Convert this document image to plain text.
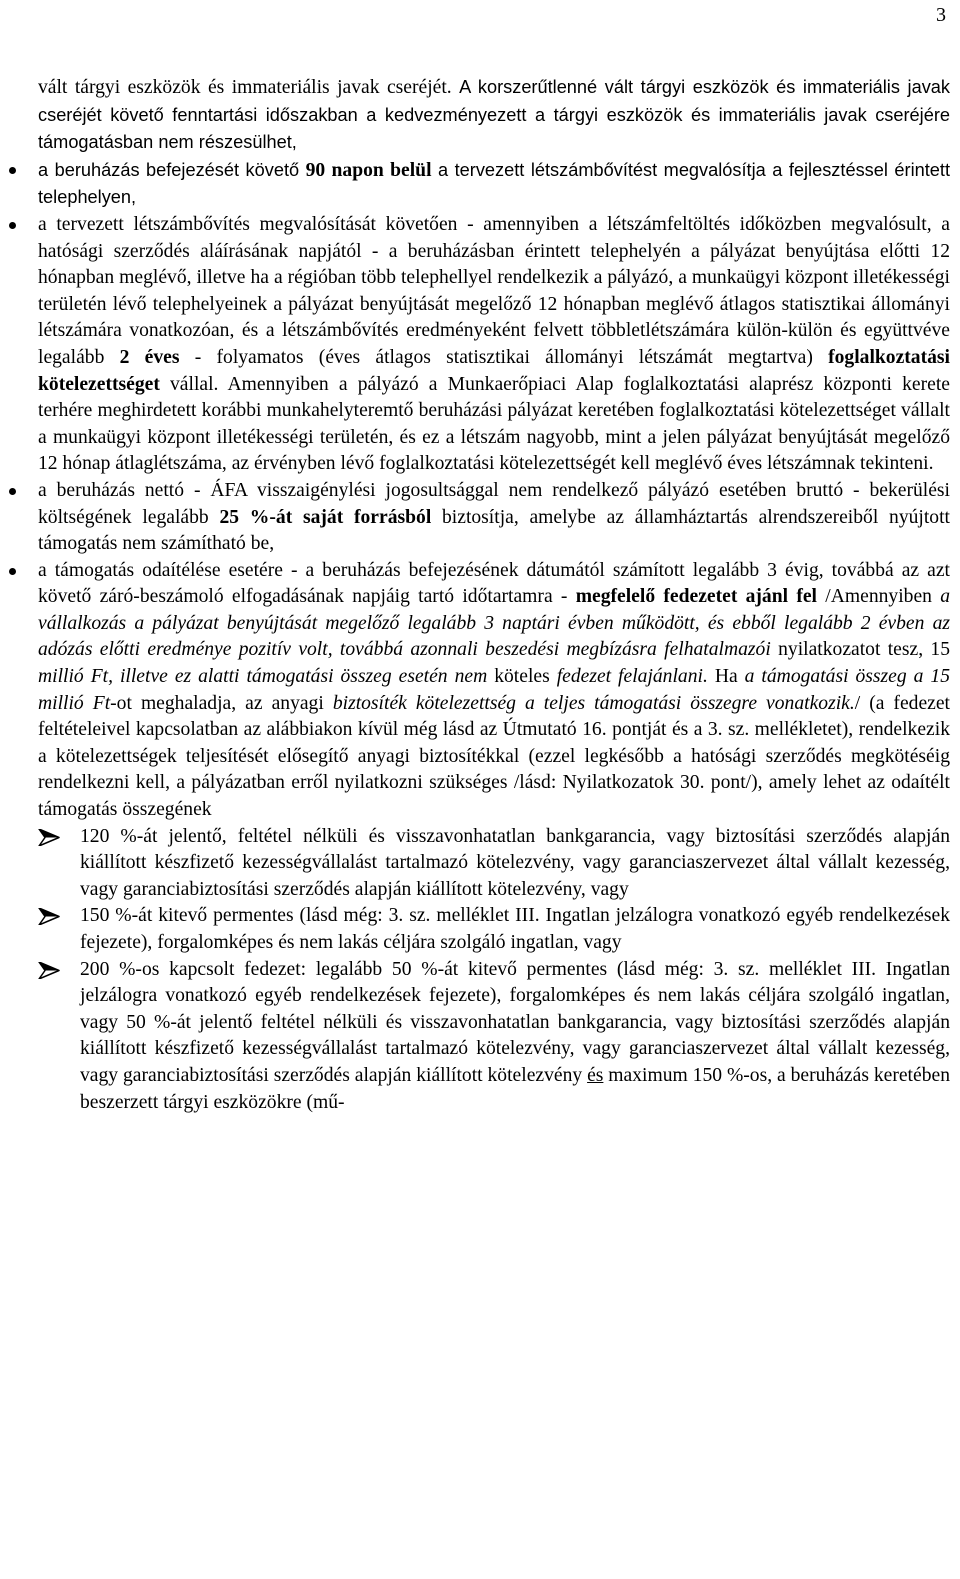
3

vált tárgyi eszközök és immateriális javak cseréjét. A korszerűtlenné vált tárgyi eszközök és immateriális javak cseréjét követő fenntartási időszakban a kedvezményezett a tárgyi eszközök és immateriális javak cseréjére támogatásban nem részesülhet,

a beruházás befejezését követő 90 napon belül a tervezett létszámbővítést megvalósítja a fejlesztéssel érintett telephelyen,
a tervezett létszámbővítés megvalósítását követően - amennyiben a létszámfeltöltés időközben megvalósult, a hatósági szerződés aláírásának napjától - a beruházásban érintett telephelyén a pályázat benyújtása előtti 12 hónapban meglévő, illetve ha a régióban több telephellyel rendelkezik a pályázó, a munkaügyi központ illetékességi területén lévő telephelyeinek a pályázat benyújtását megelőző 12 hónapban meglévő átlagos statisztikai állományi létszámára vonatkozóan, és a létszámbővítés eredményeként felvett többletlétszámára külön-külön és együttvéve legalább 2 éves - folyamatos (éves átlagos statisztikai állományi létszámát megtartva) foglalkoztatási kötelezettséget vállal. Amennyiben a pályázó a Munkaerőpiaci Alap foglalkoztatási alaprész központi kerete terhére meghirdetett korábbi munkahelyteremtő beruházási pályázat keretében foglalkoztatási kötelezettséget vállalt a munkaügyi központ illetékességi területén, és ez a létszám nagyobb, mint a jelen pályázat benyújtását megelőző 12 hónap átlaglétszáma, az érvényben lévő foglalkoztatási kötelezettségét kell meglévő éves létszámnak tekinteni.
a beruházás nettó - ÁFA visszaigénylési jogosultsággal nem rendelkező pályázó esetében bruttó - bekerülési költségének legalább 25 %-át saját forrásból biztosítja, amelybe az államháztartás alrendszereiből nyújtott támogatás nem számítható be,
a támogatás odaítélése esetére - a beruházás befejezésének dátumától számított legalább 3 évig, továbbá az azt követő záró-beszámoló elfogadásának napjáig tartó időtartamra - megfelelő fedezetet ajánl fel /Amennyiben a vállalkozás a pályázat benyújtását megelőző legalább 3 naptári évben működött, és ebből legalább 2 évben az adózás előtti eredménye pozitív volt, továbbá azonnali beszedési megbízásra felhatalmazói nyilatkozatot tesz, 15 millió Ft, illetve ez alatti támogatási összeg esetén nem köteles fedezet felajánlani. Ha a támogatási összeg a 15 millió Ft-ot meghaladja, az anyagi biztosíték kötelezettség a teljes támogatási összegre vonatkozik./ (a fedezet feltételeivel kapcsolatban az alábbiakon kívül még lásd az Útmutató 16. pontját és a 3. sz. mellékletet), rendelkezik a kötelezettségek teljesítését elősegítő anyagi biztosítékkal (ezzel legkésőbb a hatósági szerződés megkötéséig rendelkezni kell, a pályázatban erről nyilatkozni szükséges /lásd: Nyilatkozatok 30. pont/), amely lehet az odaítélt támogatás összegének
120 %-át jelentő, feltétel nélküli és visszavonhatatlan bankgarancia, vagy biztosítási szerződés alapján kiállított készfizető kezességvállalást tartalmazó kötelezvény, vagy garanciaszervezet által vállalt kezesség, vagy garanciabiztosítási szerződés alapján kiállított kötelezvény, vagy
150 %-át kitevő permentes (lásd még: 3. sz. melléklet III. Ingatlan jelzálogra vonatkozó egyéb rendelkezések fejezete), forgalomképes és nem lakás céljára szolgáló ingatlan, vagy
200 %-os kapcsolt fedezet: legalább 50 %-át kitevő permentes (lásd még: 3. sz. melléklet III. Ingatlan jelzálogra vonatkozó egyéb rendelkezések fejezete), forgalomképes és nem lakás céljára szolgáló ingatlan, vagy 50 %-át jelentő feltétel nélküli és visszavonhatatlan bankgarancia, vagy biztosítási szerződés alapján kiállított készfizető kezességvállalást tartalmazó kötelezvény, vagy garanciaszervezet által vállalt kezesség, vagy garanciabiztosítási szerződés alapján kiállított kötelezvény és maximum 150 %-os, a beruházás keretében beszerzett tárgyi eszközökre (mű-
